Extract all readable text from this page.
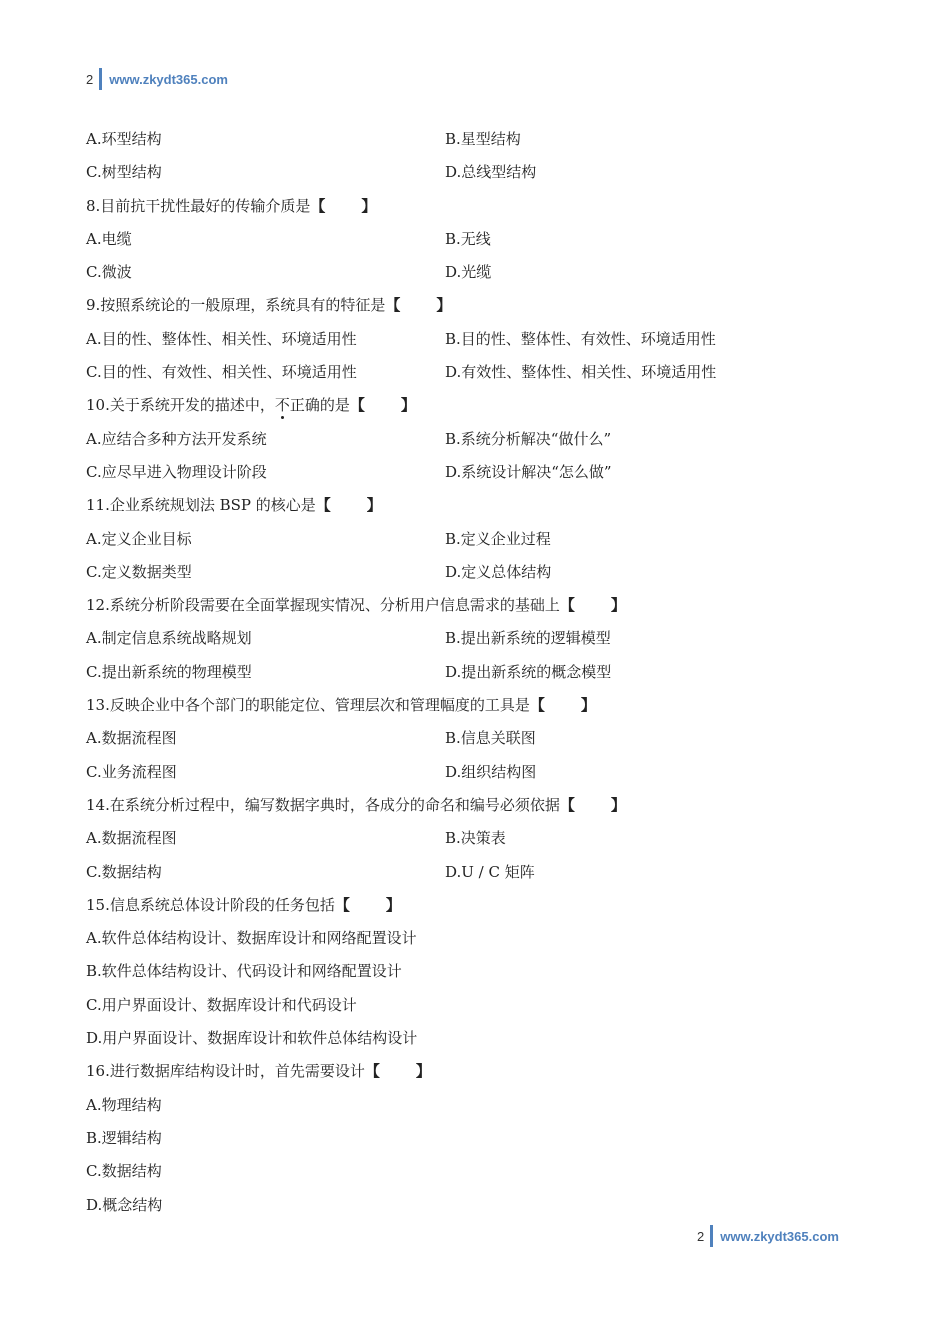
2 www.zkydt365.com
A.环型结构	B.星型结构
C.树型结构	D.总线型结构
8.目前抗干扰性最好的传输介质是【 】
A.电缆	B.无线
C.微波	D.光缆
9.按照系统论的一般原理，系统具有的特征是【 】
A.目的性、整体性、相关性、环境适用性	B.目的性、整体性、有效性、环境适用性
C.目的性、有效性、相关性、环境适用性	D.有效性、整体性、相关性、环境适用性
10.关于系统开发的描述中，不正确的是【 】
A.应结合多种方法开发系统	B.系统分析解决“做什么”
C.应尽早进入物理设计阶段	D.系统设计解决“怎么做”
11.企业系统规划法 BSP 的核心是【 】
A.定义企业目标	B.定义企业过程
C.定义数据类型	D.定义总体结构
12.系统分析阶段需要在全面掌握现实情况、分析用户信息需求的基础上【 】
A.制定信息系统战略规划	B.提出新系统的逻辑模型
C.提出新系统的物理模型	D.提出新系统的概念模型
13.反映企业中各个部门的职能定位、管理层次和管理幅度的工具是【 】
A.数据流程图	B.信息关联图
C.业务流程图	D.组织结构图
14.在系统分析过程中，编写数据字典时，各成分的命名和编号必须依据【 】
A.数据流程图	B.决策表
C.数据结构	D.U / C 矩阵
15.信息系统总体设计阶段的任务包括【 】
A.软件总体结构设计、数据库设计和网络配置设计
B.软件总体结构设计、代码设计和网络配置设计
C.用户界面设计、数据库设计和代码设计
D.用户界面设计、数据库设计和软件总体结构设计
16.进行数据库结构设计时，首先需要设计【 】
A.物理结构
B.逻辑结构
C.数据结构
D.概念结构
2 www.zkydt365.com
